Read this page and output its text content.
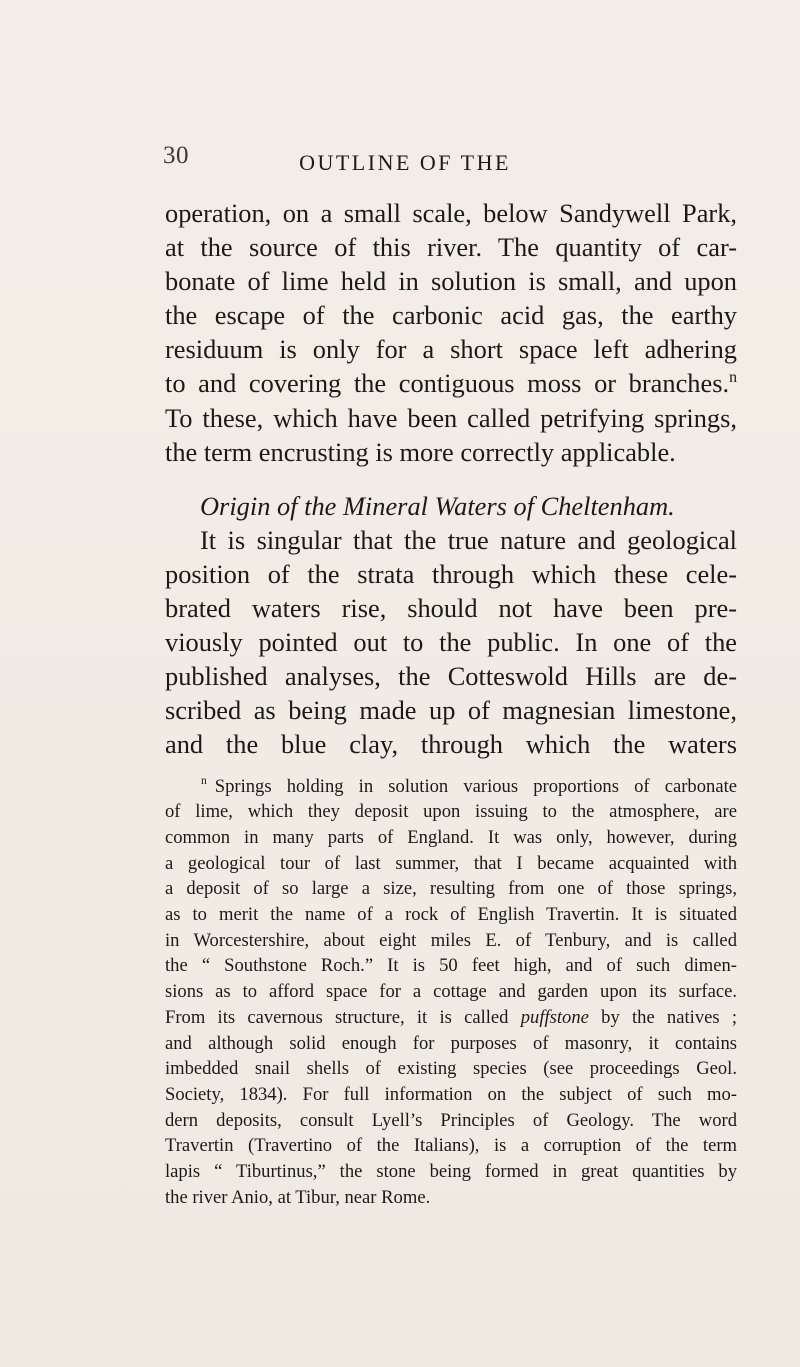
30	OUTLINE OF THE
operation, on a small scale, below Sandywell Park,
at the source of this river. The quantity of car-
bonate of lime held in solution is small, and upon
the escape of the carbonic acid gas, the earthy
residuum is only for a short space left adhering
to and covering the contiguous moss or branches.$^n$
To these, which have been called petrifying springs,
the term encrusting is more correctly applicable.
Origin of the Mineral Waters of Cheltenham.
It is singular that the true nature and geological
position of the strata through which these cele-
brated waters rise, should not have been pre-
viously pointed out to the public. In one of the
published analyses, the Cotteswold Hills are de-
scribed as being made up of magnesian limestone,
and the blue clay, through which the waters
$^n$ Springs holding in solution various proportions of carbonate
of lime, which they deposit upon issuing to the atmosphere, are
common in many parts of England. It was only, however, during
a geological tour of last summer, that I became acquainted with
a deposit of so large a size, resulting from one of those springs,
as to merit the name of a rock of English Travertin. It is situated
in Worcestershire, about eight miles E. of Tenbury, and is called
the “ Southstone Roch.” It is 50 feet high, and of such dimen-
sions as to afford space for a cottage and garden upon its surface.
From its cavernous structure, it is called puffstone by the natives ;
and although solid enough for purposes of masonry, it contains
imbedded snail shells of existing species (see proceedings Geol.
Society, 1834). For full information on the subject of such mo-
dern deposits, consult Lyell’s Principles of Geology. The word
Travertin (Travertino of the Italians), is a corruption of the term
lapis “ Tiburtinus,” the stone being formed in great quantities by
the river Anio, at Tibur, near Rome.
